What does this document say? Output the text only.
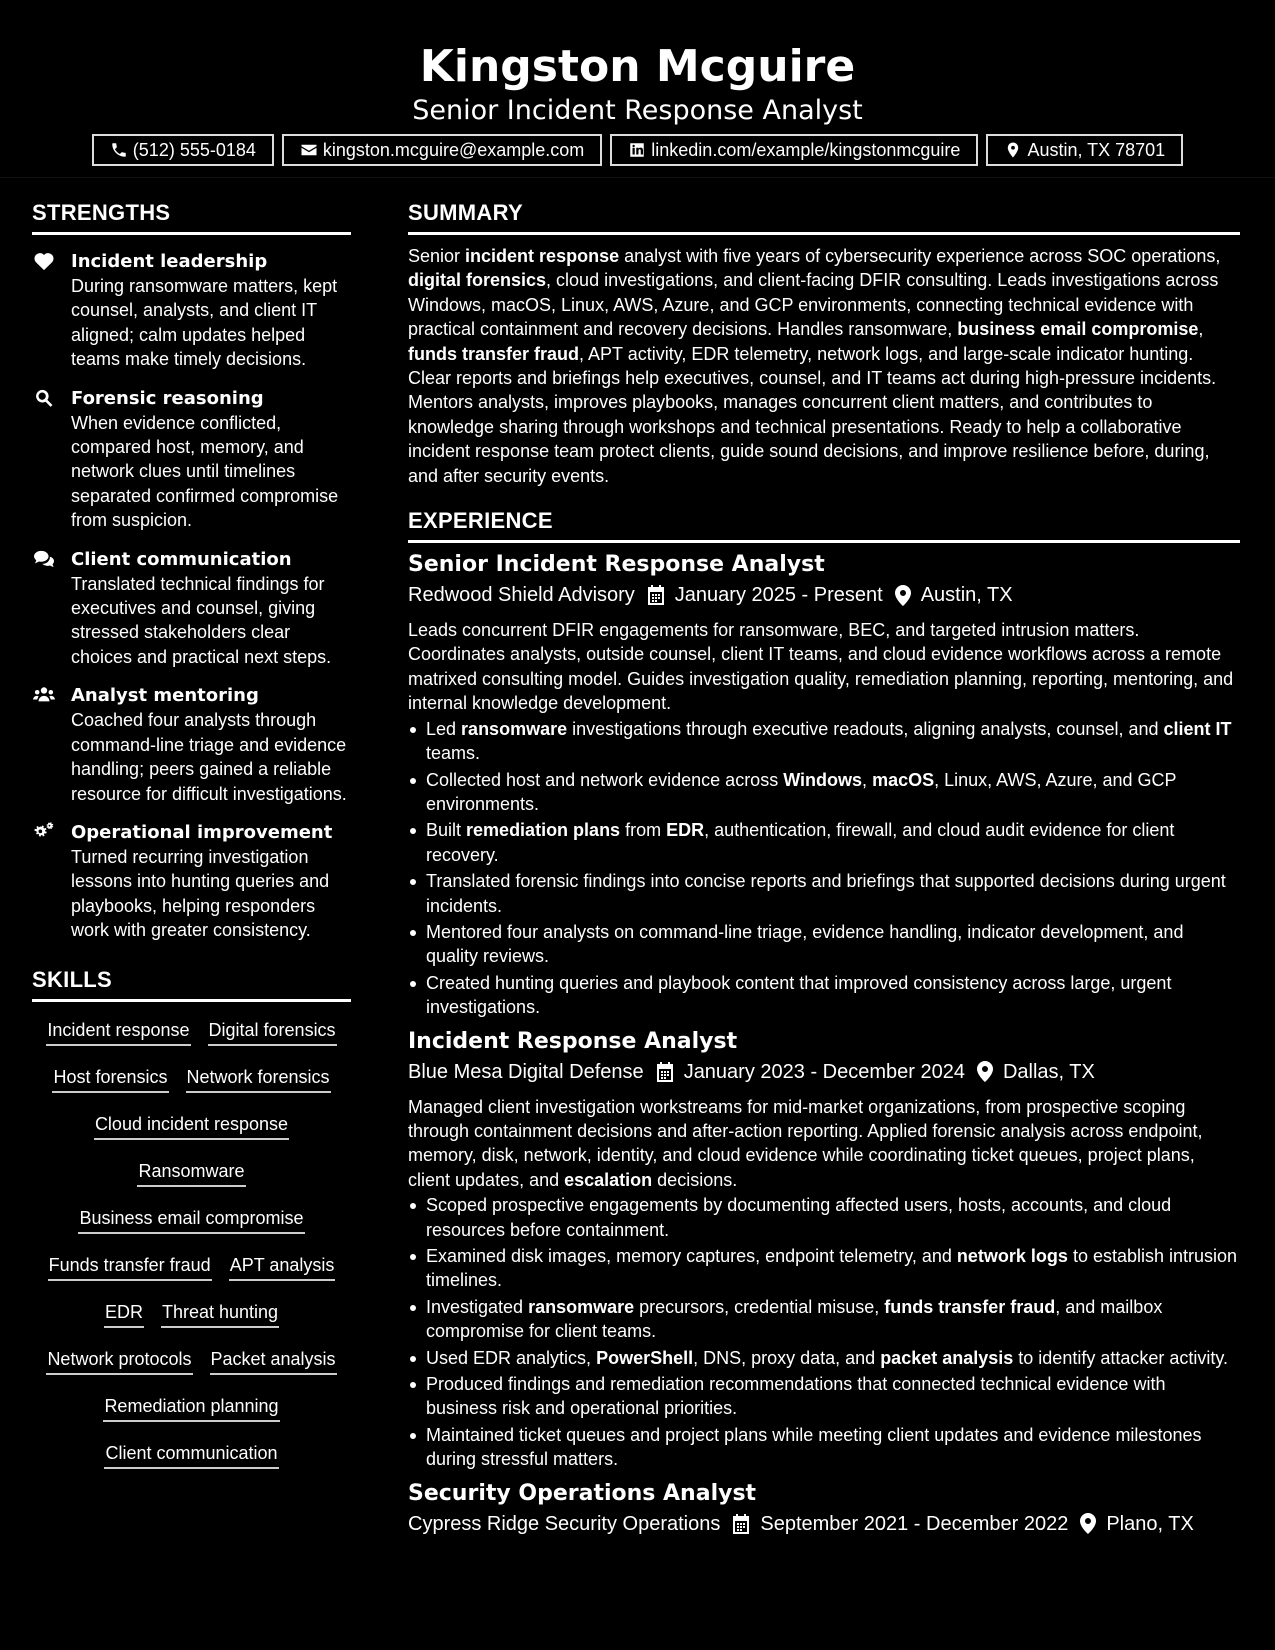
Kingston Mcguire
Senior Incident Response Analyst
(512) 555-0184	kingston.mcguire@example.com	linkedin.com/example/kingstonmcguire	Austin, TX 78701
STRENGTHS
Incident leadership
During ransomware matters, kept counsel, analysts, and client IT aligned; calm updates helped teams make timely decisions.
Forensic reasoning
When evidence conflicted, compared host, memory, and network clues until timelines separated confirmed compromise from suspicion.
Client communication
Translated technical findings for executives and counsel, giving stressed stakeholders clear choices and practical next steps.
Analyst mentoring
Coached four analysts through command-line triage and evidence handling; peers gained a reliable resource for difficult investigations.
Operational improvement
Turned recurring investigation lessons into hunting queries and playbooks, helping responders work with greater consistency.
SKILLS
Incident response Digital forensics
Host forensics Network forensics
Cloud incident response
Ransomware
Business email compromise
Funds transfer fraud APT analysis
EDR Threat hunting
Network protocols Packet analysis
Remediation planning
Client communication
SUMMARY
Senior incident response analyst with five years of cybersecurity experience across SOC operations, digital forensics, cloud investigations, and client-facing DFIR consulting. Leads investigations across Windows, macOS, Linux, AWS, Azure, and GCP environments, connecting technical evidence with practical containment and recovery decisions. Handles ransomware, business email compromise, funds transfer fraud, APT activity, EDR telemetry, network logs, and large-scale indicator hunting. Clear reports and briefings help executives, counsel, and IT teams act during high-pressure incidents. Mentors analysts, improves playbooks, manages concurrent client matters, and contributes to knowledge sharing through workshops and technical presentations. Ready to help a collaborative incident response team protect clients, guide sound decisions, and improve resilience before, during, and after security events.
EXPERIENCE
Senior Incident Response Analyst
Redwood Shield Advisory January 2025 - Present Austin, TX
Leads concurrent DFIR engagements for ransomware, BEC, and targeted intrusion matters. Coordinates analysts, outside counsel, client IT teams, and cloud evidence workflows across a remote matrixed consulting model. Guides investigation quality, remediation planning, reporting, mentoring, and internal knowledge development.
Led ransomware investigations through executive readouts, aligning analysts, counsel, and client IT teams.
Collected host and network evidence across Windows, macOS, Linux, AWS, Azure, and GCP environments.
Built remediation plans from EDR, authentication, firewall, and cloud audit evidence for client recovery.
Translated forensic findings into concise reports and briefings that supported decisions during urgent incidents.
Mentored four analysts on command-line triage, evidence handling, indicator development, and quality reviews.
Created hunting queries and playbook content that improved consistency across large, urgent investigations.
Incident Response Analyst
Blue Mesa Digital Defense January 2023 - December 2024 Dallas, TX
Managed client investigation workstreams for mid-market organizations, from prospective scoping through containment decisions and after-action reporting. Applied forensic analysis across endpoint, memory, disk, network, identity, and cloud evidence while coordinating ticket queues, project plans, client updates, and escalation decisions.
Scoped prospective engagements by documenting affected users, hosts, accounts, and cloud resources before containment.
Examined disk images, memory captures, endpoint telemetry, and network logs to establish intrusion timelines.
Investigated ransomware precursors, credential misuse, funds transfer fraud, and mailbox compromise for client teams.
Used EDR analytics, PowerShell, DNS, proxy data, and packet analysis to identify attacker activity.
Produced findings and remediation recommendations that connected technical evidence with business risk and operational priorities.
Maintained ticket queues and project plans while meeting client updates and evidence milestones during stressful matters.
Security Operations Analyst
Cypress Ridge Security Operations September 2021 - December 2022 Plano, TX
